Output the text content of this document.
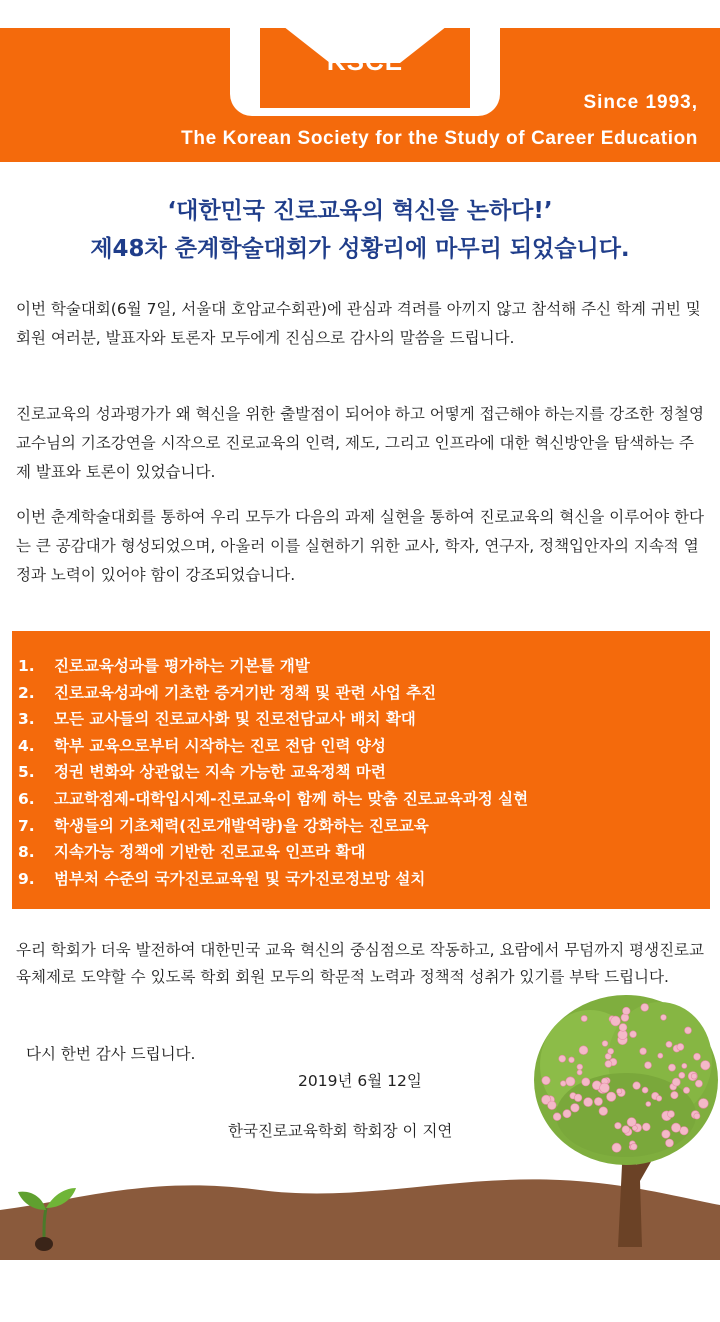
KSCE
Since 1993,
The Korean Society for the Study of Career Education
‘대한민국 진로교육의 혁신을 논하다!’
제48차 춘계학술대회가 성황리에 마무리 되었습니다.
이번 학술대회(6월 7일, 서울대 호암교수회관)에 관심과 격려를 아끼지 않고 참석해 주신 학계 귀빈 및 회원 여러분, 발표자와 토론자 모두에게 진심으로 감사의 말씀을 드립니다.
진로교육의 성과평가가 왜 혁신을 위한 출발점이 되어야 하고 어떻게 접근해야 하는지를 강조한 정철영 교수님의 기조강연을 시작으로 진로교육의 인력, 제도, 그리고 인프라에 대한 혁신방안을 탐색하는 주제 발표와 토론이 있었습니다.
이번 춘계학술대회를 통하여 우리 모두가 다음의 과제 실현을 통하여 진로교육의 혁신을 이루어야 한다는 큰 공감대가 형성되었으며, 아울러 이를 실현하기 위한 교사, 학자, 연구자, 정책입안자의 지속적 열정과 노력이 있어야 함이 강조되었습니다.
1. 진로교육성과를 평가하는 기본틀 개발
2. 진로교육성과에 기초한 증거기반 정책 및 관련 사업 추진
3. 모든 교사들의 진로교사화 및 진로전담교사 배치 확대
4. 학부 교육으로부터 시작하는 진로 전담 인력 양성
5. 정권 변화와 상관없는 지속 가능한 교육정책 마련
6. 고교학점제-대학입시제-진로교육이 함께 하는 맞춤 진로교육과정 실현
7. 학생들의 기초체력(진로개발역량)을 강화하는 진로교육
8. 지속가능 정책에 기반한 진로교육 인프라 확대
9. 범부처 수준의 국가진로교육원 및 국가진로정보망 설치
우리 학회가 더욱 발전하여 대한민국 교육 혁신의 중심점으로 작동하고, 요람에서 무덤까지 평생진로교육체제로 도약할 수 있도록 학회 회원 모두의 학문적 노력과 정책적 성취가 있기를 부탁 드립니다.
다시 한번 감사 드립니다.
2019년 6월 12일
한국진로교육학회 학회장 이 지연
